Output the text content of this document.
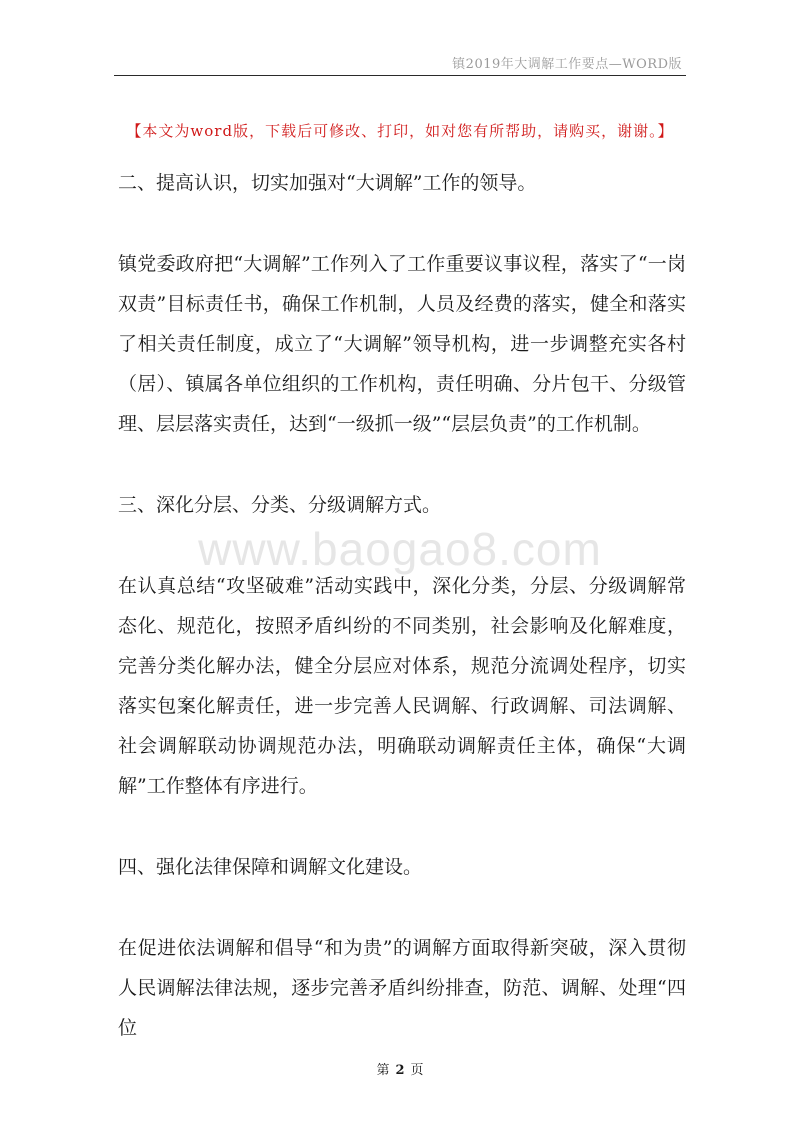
镇2019年大调解工作要点—WORD版
【本文为word版，下载后可修改、打印，如对您有所帮助，请购买，谢谢。】
www.baogao8.com

二、提高认识，切实加强对“大调解”工作的领导。

镇党委政府把“大调解”工作列入了工作重要议事议程，落实了“一岗双责”目标责任书，确保工作机制，人员及经费的落实，健全和落实了相关责任制度，成立了“大调解”领导机构，进一步调整充实各村（居）、镇属各单位组织的工作机构，责任明确、分片包干、分级管理、层层落实责任，达到“一级抓一级”“层层负责”的工作机制。

三、深化分层、分类、分级调解方式。

在认真总结“攻坚破难”活动实践中，深化分类，分层、分级调解常态化、规范化，按照矛盾纠纷的不同类别，社会影响及化解难度，完善分类化解办法，健全分层应对体系，规范分流调处程序，切实落实包案化解责任，进一步完善人民调解、行政调解、司法调解、社会调解联动协调规范办法，明确联动调解责任主体，确保“大调解”工作整体有序进行。

四、强化法律保障和调解文化建设。

在促进依法调解和倡导“和为贵”的调解方面取得新突破，深入贯彻人民调解法律法规，逐步完善矛盾纠纷排查，防范、调解、处理“四位

第 2 页
